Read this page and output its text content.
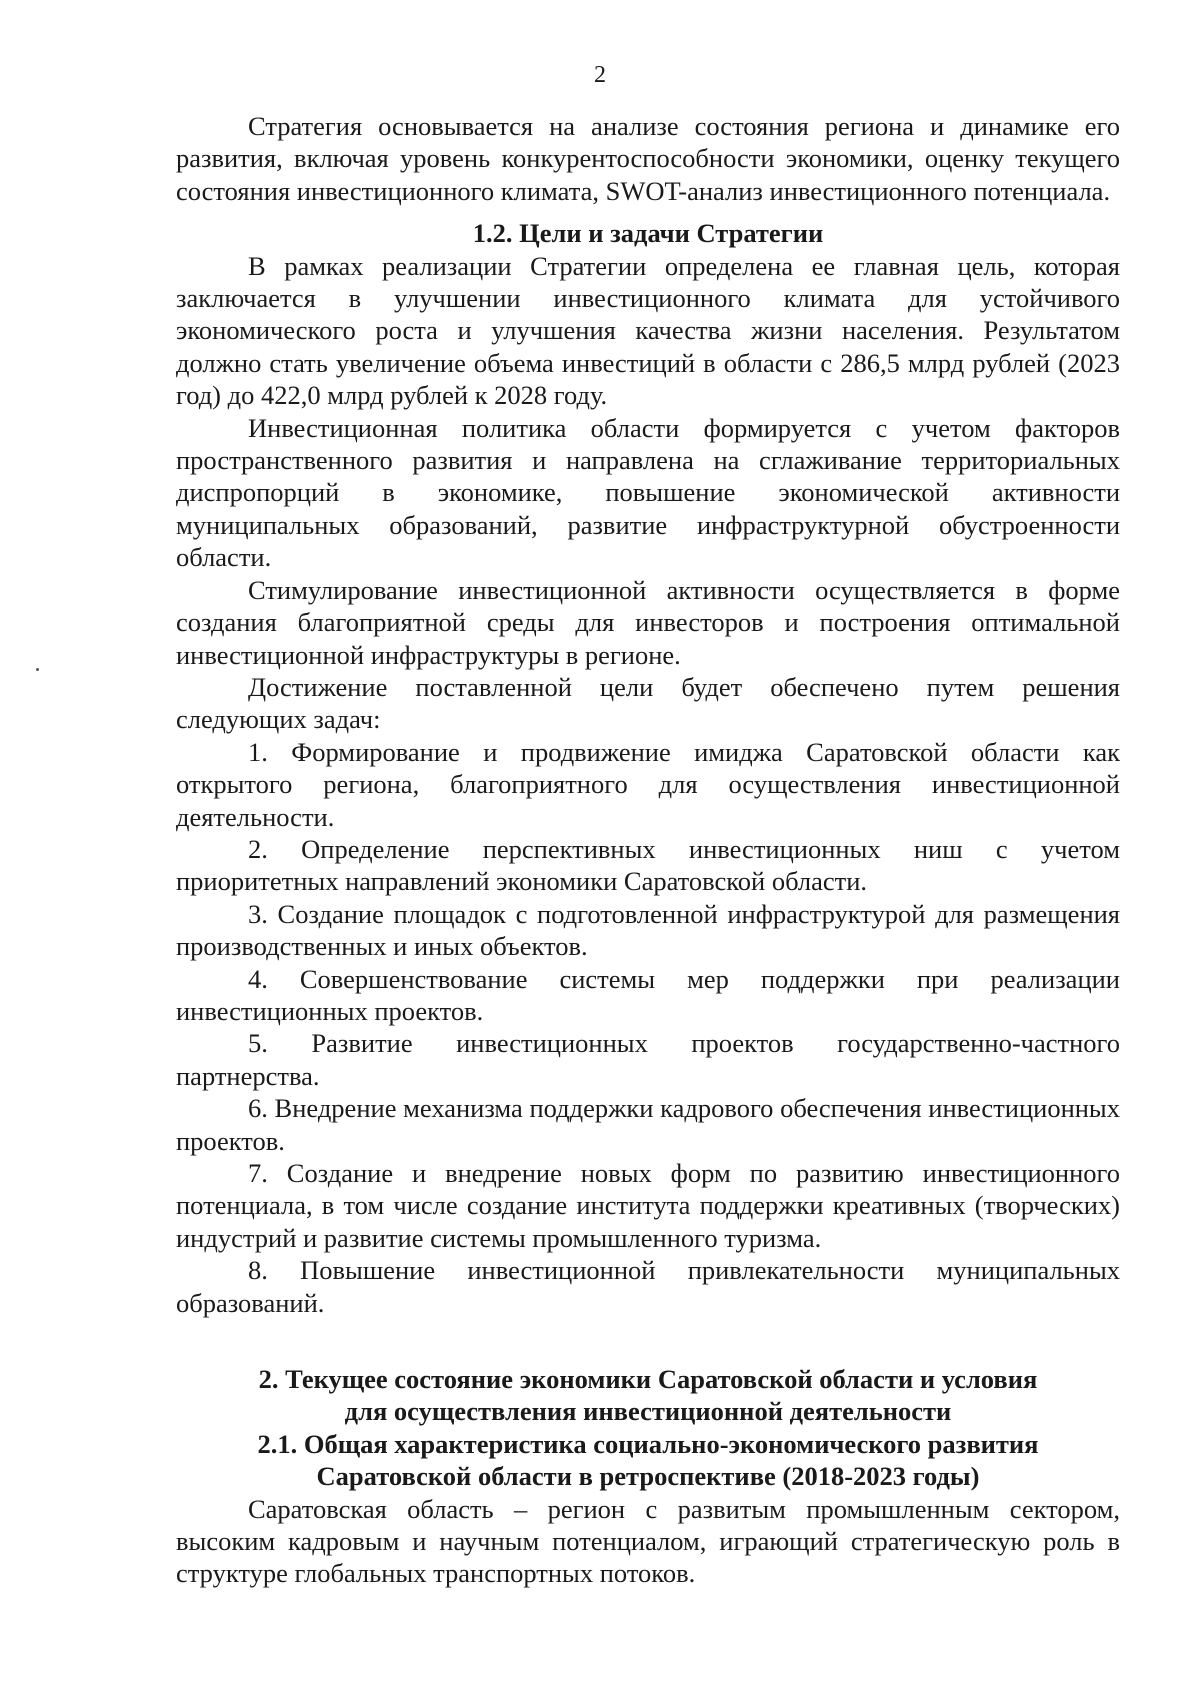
2

Стратегия основывается на анализе состояния региона и динамике его развития, включая уровень конкурентоспособности экономики, оценку текущего состояния инвестиционного климата, SWOT-анализ инвестиционного потенциала.

1.2. Цели и задачи Стратегии

В рамках реализации Стратегии определена ее главная цель, которая заключается в улучшении инвестиционного климата для устойчивого экономического роста и улучшения качества жизни населения. Результатом должно стать увеличение объема инвестиций в области с 286,5 млрд рублей (2023 год) до 422,0 млрд рублей к 2028 году.

Инвестиционная политика области формируется с учетом факторов пространственного развития и направлена на сглаживание территориальных диспропорций в экономике, повышение экономической активности муниципальных образований, развитие инфраструктурной обустроенности области.

Стимулирование инвестиционной активности осуществляется в форме создания благоприятной среды для инвесторов и построения оптимальной инвестиционной инфраструктуры в регионе.

Достижение поставленной цели будет обеспечено путем решения следующих задач:

1. Формирование и продвижение имиджа Саратовской области как открытого региона, благоприятного для осуществления инвестиционной деятельности.

2. Определение перспективных инвестиционных ниш с учетом приоритетных направлений экономики Саратовской области.

3. Создание площадок с подготовленной инфраструктурой для размещения производственных и иных объектов.

4. Совершенствование системы мер поддержки при реализации инвестиционных проектов.

5. Развитие инвестиционных проектов государственно-частного партнерства.

6. Внедрение механизма поддержки кадрового обеспечения инвестиционных проектов.

7. Создание и внедрение новых форм по развитию инвестиционного потенциала, в том числе создание института поддержки креативных (творческих) индустрий и развитие системы промышленного туризма.

8. Повышение инвестиционной привлекательности муниципальных образований.

2. Текущее состояние экономики Саратовской области и условия
для осуществления инвестиционной деятельности
2.1. Общая характеристика социально-экономического развития
Саратовской области в ретроспективе (2018-2023 годы)

Саратовская область – регион с развитым промышленным сектором, высоким кадровым и научным потенциалом, играющий стратегическую роль в структуре глобальных транспортных потоков.
